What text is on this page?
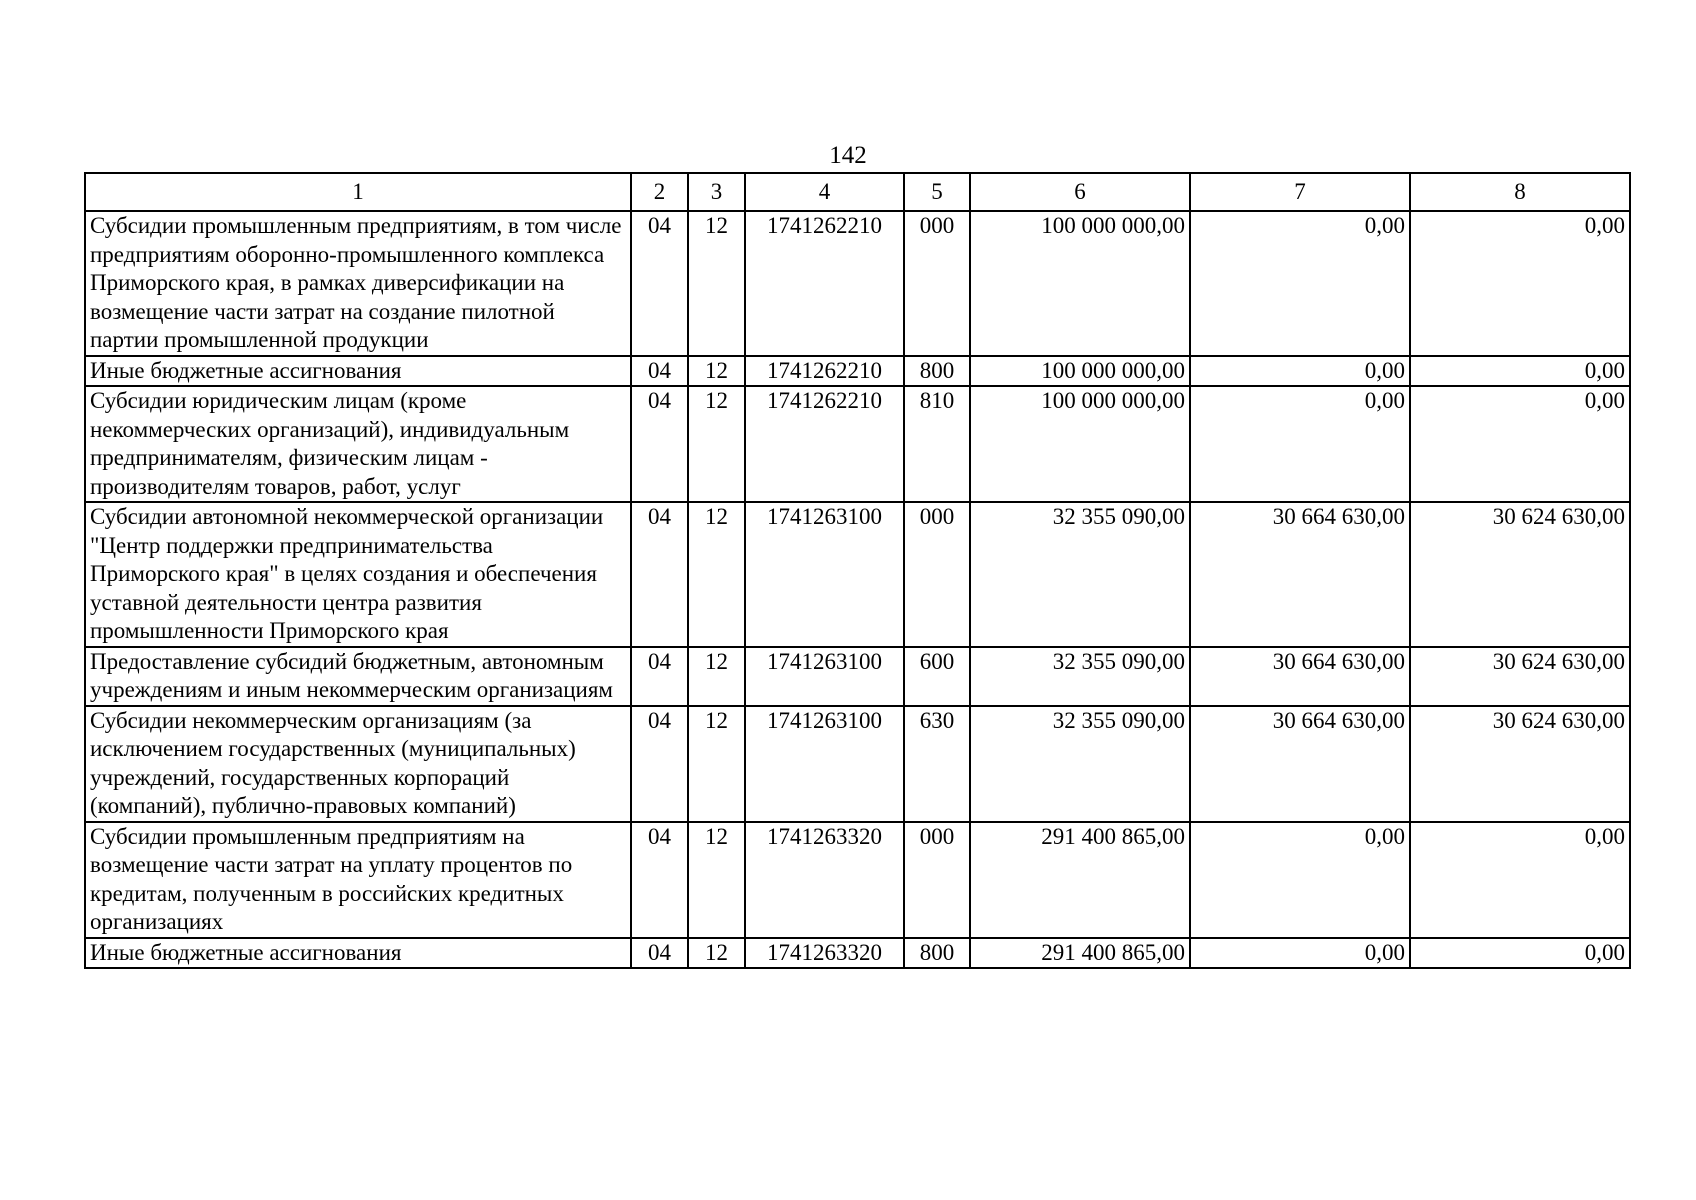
142
1	2	3	4	5	6	7	8
Субсидии промышленным предприятиям, в том числе предприятиям оборонно-промышленного комплекса Приморского края, в рамках диверсификации на возмещение части затрат на создание пилотной партии промышленной продукции	04	12	1741262210	000	100 000 000,00	0,00	0,00
Иные бюджетные ассигнования	04	12	1741262210	800	100 000 000,00	0,00	0,00
Субсидии юридическим лицам (кроме некоммерческих организаций), индивидуальным предпринимателям, физическим лицам - производителям товаров, работ, услуг	04	12	1741262210	810	100 000 000,00	0,00	0,00
Субсидии автономной некоммерческой организации "Центр поддержки предпринимательства Приморского края" в целях создания и обеспечения уставной деятельности центра развития промышленности Приморского края	04	12	1741263100	000	32 355 090,00	30 664 630,00	30 624 630,00
Предоставление субсидий бюджетным, автономным учреждениям и иным некоммерческим организациям	04	12	1741263100	600	32 355 090,00	30 664 630,00	30 624 630,00
Субсидии некоммерческим организациям (за исключением государственных (муниципальных) учреждений, государственных корпораций (компаний), публично-правовых компаний)	04	12	1741263100	630	32 355 090,00	30 664 630,00	30 624 630,00
Субсидии промышленным предприятиям на возмещение части затрат на уплату процентов по кредитам, полученным в российских кредитных организациях	04	12	1741263320	000	291 400 865,00	0,00	0,00
Иные бюджетные ассигнования	04	12	1741263320	800	291 400 865,00	0,00	0,00
